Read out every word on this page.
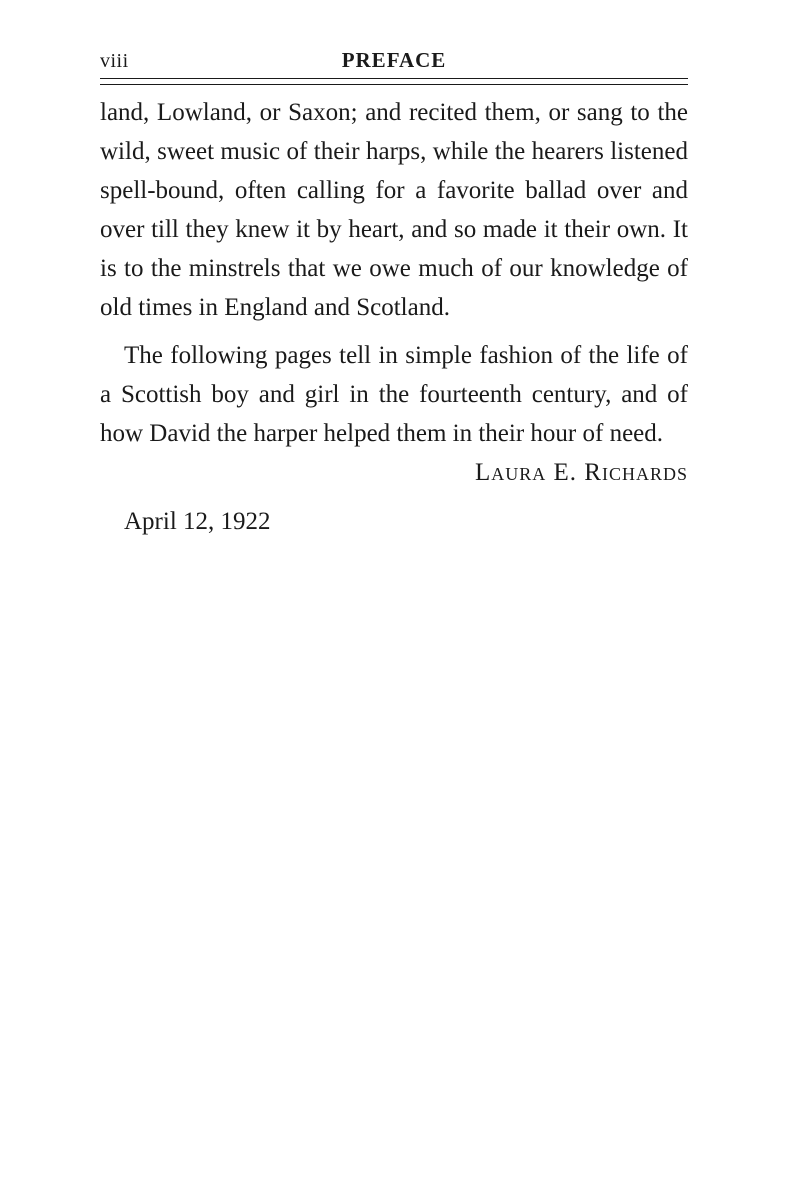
viii	PREFACE

land, Lowland, or Saxon; and recited them, or sang to the wild, sweet music of their harps, while the hearers listened spell-bound, often calling for a favorite ballad over and over till they knew it by heart, and so made it their own. It is to the minstrels that we owe much of our knowledge of old times in England and Scotland.

The following pages tell in simple fashion of the life of a Scottish boy and girl in the fourteenth century, and of how David the harper helped them in their hour of need.

Laura E. Richards
April 12, 1922
